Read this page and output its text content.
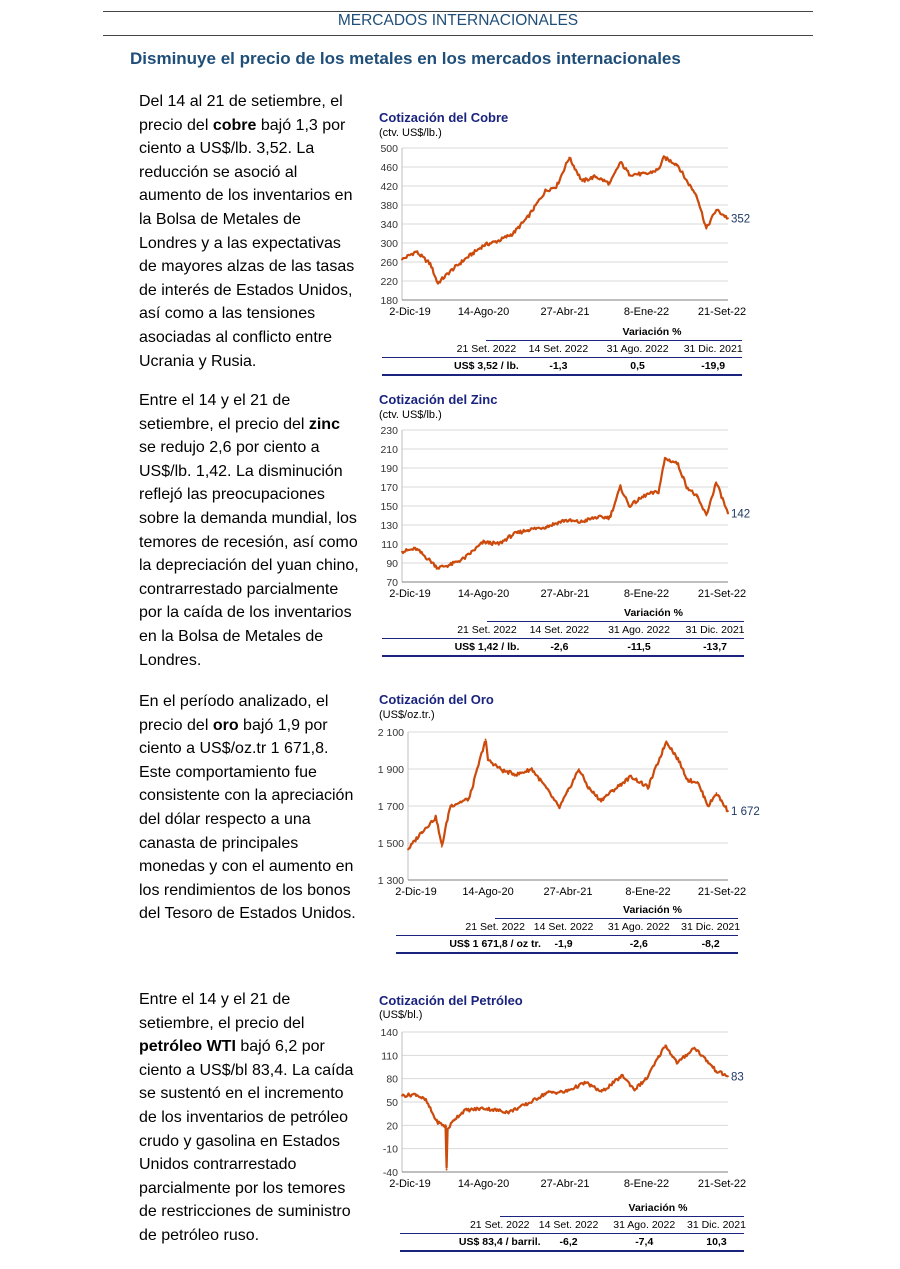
MERCADOS INTERNACIONALES
Disminuye el precio de los metales en los mercados internacionales
Del 14 al 21 de setiembre, el precio del cobre bajó 1,3 por ciento a US$/lb. 3,52. La reducción se asoció al aumento de los inventarios en la Bolsa de Metales de Londres y a las expectativas de mayores alzas de las tasas de interés de Estados Unidos, así como a las tensiones asociadas al conflicto entre Ucrania y Rusia.
Cotización del Cobre
(ctv. US$/lb.)
180
220
260
300
340
380
420
460
500
2-Dic-19 14-Ago-20	27-Abr-21	8-Ene-22	21-Set-22
352
Variación %
21 Set. 2022	14 Set. 2022	31 Ago. 2022	31 Dic. 2021
US$ 3,52 / lb.	-1,3	0,5	-19,9
Entre el 14 y el 21 de setiembre, el precio del zinc se redujo 2,6 por ciento a US$/lb. 1,42. La disminución reflejó las preocupaciones sobre la demanda mundial, los temores de recesión, así como la depreciación del yuan chino, contrarrestado parcialmente por la caída de los inventarios en la Bolsa de Metales de Londres.
Cotización del Zinc
(ctv. US$/lb.)
70
90
110
130
150
170
190
210
230
2-Dic-19 14-Ago-20	27-Abr-21	8-Ene-22	21-Set-22
142
Variación %
21 Set. 2022	14 Set. 2022	31 Ago. 2022	31 Dic. 2021
US$ 1,42 / lb.	-2,6	-11,5	-13,7
En el período analizado, el precio del oro bajó 1,9 por ciento a US$/oz.tr 1 671,8. Este comportamiento fue consistente con la apreciación del dólar respecto a una canasta de principales monedas y con el aumento en los rendimientos de los bonos del Tesoro de Estados Unidos.
Cotización del Oro
(US$/oz.tr.)
1 300
1 500
1 700
1 900
2 100
2-Dic-19 14-Ago-20	27-Abr-21	8-Ene-22 21-Set-22
1 672
Variación %
21 Set. 2022 14 Set. 2022	31 Ago. 2022	31 Dic. 2021
US$ 1 671,8 / oz tr.	-1,9	-2,6	-8,2
Entre el 14 y el 21 de setiembre, el precio del petróleo WTI bajó 6,2 por ciento a US$/bl 83,4. La caída se sustentó en el incremento de los inventarios de petróleo crudo y gasolina en Estados Unidos contrarrestado parcialmente por los temores de restricciones de suministro de petróleo ruso.
Cotización del Petróleo
(US$/bl.)
-40
-10
20
50
80
110
140
2-Dic-19 14-Ago-20	27-Abr-21	8-Ene-22	21-Set-22
83
Variación %
21 Set. 2022 14 Set. 2022	31 Ago. 2022	31 Dic. 2021
US$ 83,4 / barril.	-6,2	-7,4	10,3
